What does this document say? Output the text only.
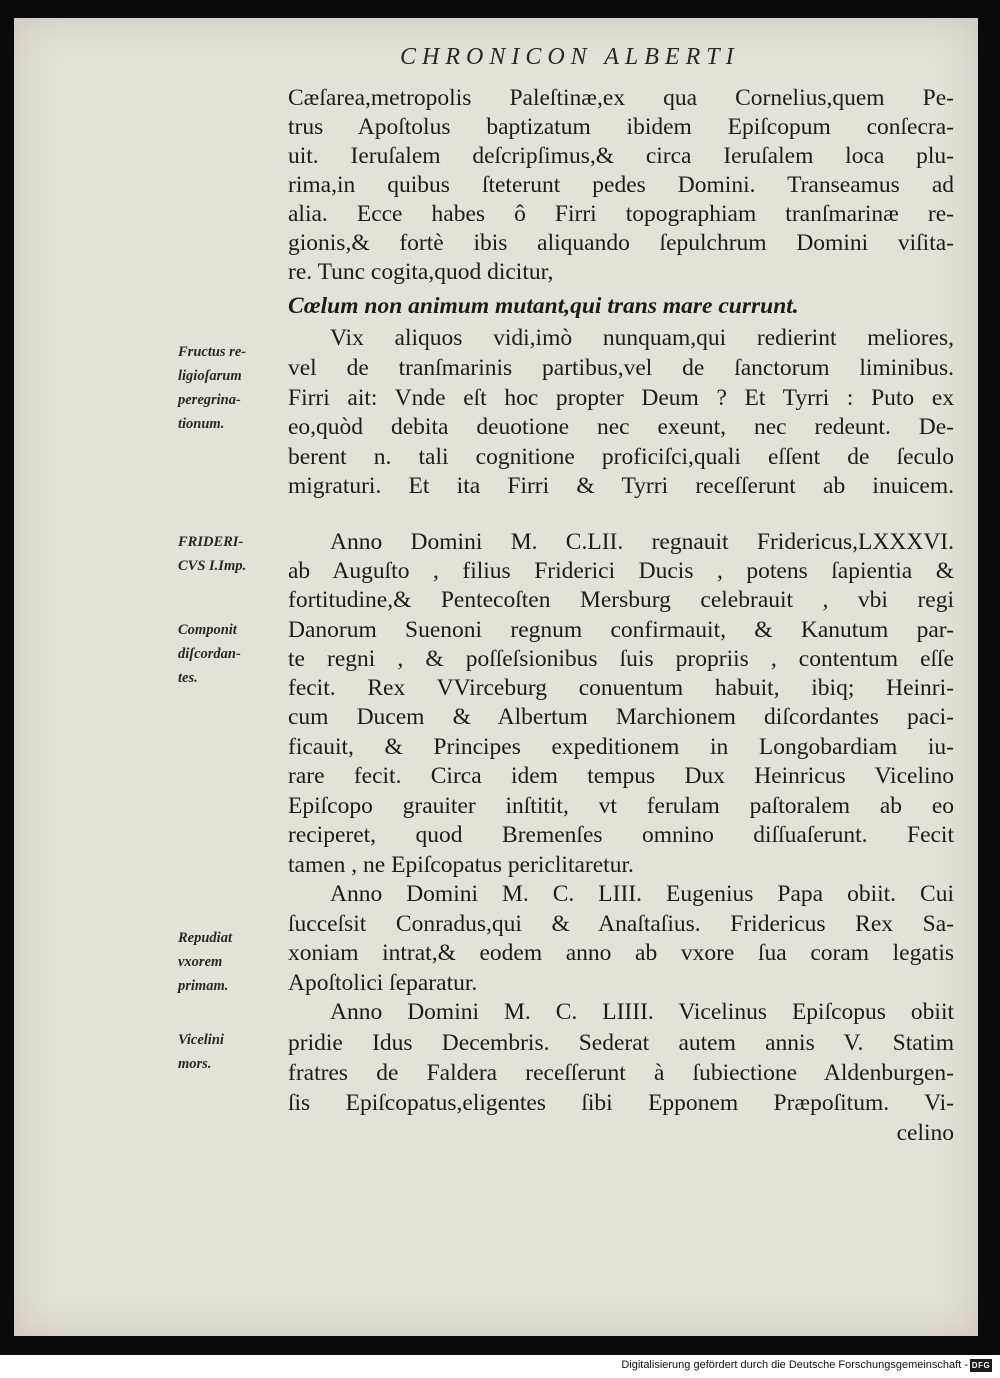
CHRONICON ALBERTI
Cæſarea,metropolis Paleſtinæ,ex qua Cornelius,quem Pe-
trus Apoſtolus baptizatum ibidem Epiſcopum conſecra-
uit. Ieruſalem deſcripſimus,& circa Ieruſalem loca plu-
rima,in quibus ſteterunt pedes Domini. Transeamus ad
alia. Ecce habes ô Firri topographiam tranſmarinæ re-
gionis,& fortè ibis aliquando ſepulchrum Domini viſita-
re. Tunc cogita,quod dicitur,
Cœlum non animum mutant,qui trans mare currunt.
Vix aliquos vidi,imò nunquam,qui redierint meliores,
vel de tranſmarinis partibus,vel de ſanctorum liminibus.
Firri ait: Vnde eſt hoc propter Deum ? Et Tyrri : Puto ex
eo,quòd debita deuotione nec exeunt, nec redeunt. De-
berent n. tali cognitione proficiſci,quali eſſent de ſeculo
migraturi. Et ita Firri & Tyrri receſſerunt ab inuicem.
Anno Domini M. C.LII. regnauit Fridericus,LXXXVI.
ab Auguſto , filius Friderici Ducis , potens ſapientia &
fortitudine,& Pentecoſten Mersburg celebrauit , vbi regi
Danorum Suenoni regnum confirmauit, & Kanutum par-
te regni , & poſſeſsionibus ſuis propriis , contentum eſſe
fecit. Rex VVirceburg conuentum habuit, ibiq; Heinri-
cum Ducem & Albertum Marchionem diſcordantes paci-
ficauit, & Principes expeditionem in Longobardiam iu-
rare fecit. Circa idem tempus Dux Heinricus Vicelino
Epiſcopo grauiter inſtitit, vt ferulam paſtoralem ab eo
reciperet, quod Bremenſes omnino diſſuaſerunt. Fecit
tamen , ne Epiſcopatus periclitaretur.
Anno Domini M. C. LIII. Eugenius Papa obiit. Cui
ſucceſsit Conradus,qui & Anaſtaſius. Fridericus Rex Sa-
xoniam intrat,& eodem anno ab vxore ſua coram legatis
Apoſtolici ſeparatur.
Anno Domini M. C. LIIII. Vicelinus Epiſcopus obiit
pridie Idus Decembris. Sederat autem annis V. Statim
fratres de Faldera receſſerunt à ſubiectione Aldenburgen-
ſis Epiſcopatus,eligentes ſibi Epponem Præpoſitum. Vi-
celino
Fructus re-
ligioſarum
peregrina-
tionum.
FRIDERI-
CVS I.Imp.
Componit
diſcordan-
tes.
Repudiat
vxorem
primam.
Vicelini
mors.
Digitalisierung gefördert durch die Deutsche Forschungsgemeinschaft - DFG
